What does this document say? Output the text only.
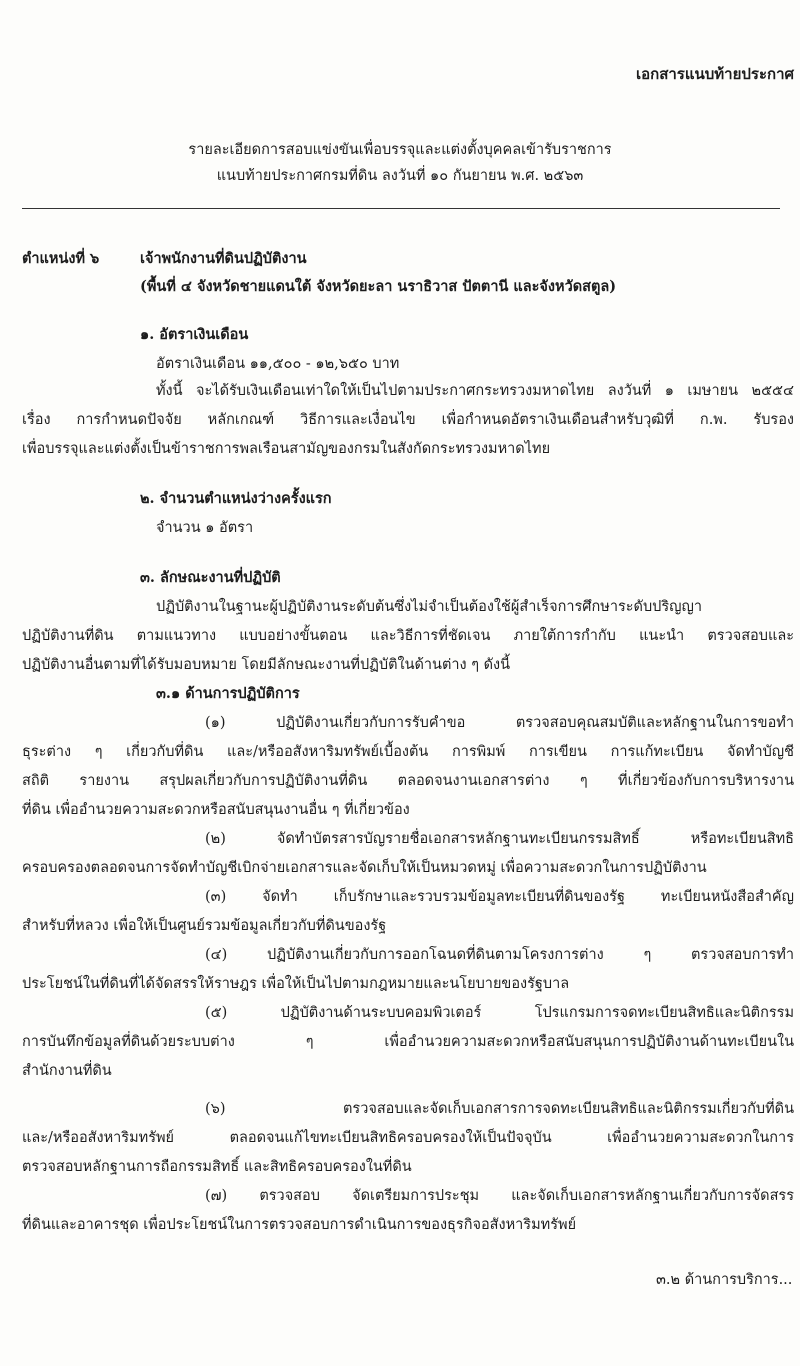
เอกสารแนบท้ายประกาศ
รายละเอียดการสอบแข่งขันเพื่อบรรจุและแต่งตั้งบุคคลเข้ารับราชการ
แนบท้ายประกาศกรมที่ดิน ลงวันที่ ๑๐ กันยายน พ.ศ. ๒๕๖๓
ตำแหน่งที่ ๖	เจ้าพนักงานที่ดินปฏิบัติงาน
(พื้นที่ ๔ จังหวัดชายแดนใต้ จังหวัดยะลา นราธิวาส ปัตตานี และจังหวัดสตูล)
๑. อัตราเงินเดือน
อัตราเงินเดือน ๑๑,๕๐๐ - ๑๒,๖๕๐ บาท
ทั้งนี้ จะได้รับเงินเดือนเท่าใดให้เป็นไปตามประกาศกระทรวงมหาดไทย ลงวันที่ ๑ เมษายน ๒๕๕๔
เรื่อง การกำหนดปัจจัย หลักเกณฑ์ วิธีการและเงื่อนไข เพื่อกำหนดอัตราเงินเดือนสำหรับวุฒิที่ ก.พ. รับรอง
เพื่อบรรจุและแต่งตั้งเป็นข้าราชการพลเรือนสามัญของกรมในสังกัดกระทรวงมหาดไทย
๒. จำนวนตำแหน่งว่างครั้งแรก
จำนวน ๑ อัตรา
๓. ลักษณะงานที่ปฏิบัติ
ปฏิบัติงานในฐานะผู้ปฏิบัติงานระดับต้นซึ่งไม่จำเป็นต้องใช้ผู้สำเร็จการศึกษาระดับปริญญา
ปฏิบัติงานที่ดิน ตามแนวทาง แบบอย่างขั้นตอน และวิธีการที่ชัดเจน ภายใต้การกำกับ แนะนำ ตรวจสอบและ
ปฏิบัติงานอื่นตามที่ได้รับมอบหมาย โดยมีลักษณะงานที่ปฏิบัติในด้านต่าง ๆ ดังนี้
๓.๑ ด้านการปฏิบัติการ
(๑) ปฏิบัติงานเกี่ยวกับการรับคำขอ ตรวจสอบคุณสมบัติและหลักฐานในการขอทำ
ธุระต่าง ๆ เกี่ยวกับที่ดิน และ/หรืออสังหาริมทรัพย์เบื้องต้น การพิมพ์ การเขียน การแก้ทะเบียน จัดทำบัญชี
สถิติ รายงาน สรุปผลเกี่ยวกับการปฏิบัติงานที่ดิน ตลอดจนงานเอกสารต่าง ๆ ที่เกี่ยวข้องกับการบริหารงาน
ที่ดิน เพื่ออำนวยความสะดวกหรือสนับสนุนงานอื่น ๆ ที่เกี่ยวข้อง
(๒) จัดทำบัตรสารบัญรายชื่อเอกสารหลักฐานทะเบียนกรรมสิทธิ์ หรือทะเบียนสิทธิ
ครอบครองตลอดจนการจัดทำบัญชีเบิกจ่ายเอกสารและจัดเก็บให้เป็นหมวดหมู่ เพื่อความสะดวกในการปฏิบัติงาน
(๓) จัดทำ เก็บรักษาและรวบรวมข้อมูลทะเบียนที่ดินของรัฐ ทะเบียนหนังสือสำคัญ
สำหรับที่หลวง เพื่อให้เป็นศูนย์รวมข้อมูลเกี่ยวกับที่ดินของรัฐ
(๔) ปฏิบัติงานเกี่ยวกับการออกโฉนดที่ดินตามโครงการต่าง ๆ ตรวจสอบการทำ
ประโยชน์ในที่ดินที่ได้จัดสรรให้ราษฎร เพื่อให้เป็นไปตามกฎหมายและนโยบายของรัฐบาล
(๕) ปฏิบัติงานด้านระบบคอมพิวเตอร์ โปรแกรมการจดทะเบียนสิทธิและนิติกรรม
การบันทึกข้อมูลที่ดินด้วยระบบต่าง ๆ เพื่ออำนวยความสะดวกหรือสนับสนุนการปฏิบัติงานด้านทะเบียนใน
สำนักงานที่ดิน
(๖) ตรวจสอบและจัดเก็บเอกสารการจดทะเบียนสิทธิและนิติกรรมเกี่ยวกับที่ดิน
และ/หรืออสังหาริมทรัพย์ ตลอดจนแก้ไขทะเบียนสิทธิครอบครองให้เป็นปัจจุบัน เพื่ออำนวยความสะดวกในการ
ตรวจสอบหลักฐานการถือกรรมสิทธิ์ และสิทธิครอบครองในที่ดิน
(๗) ตรวจสอบ จัดเตรียมการประชุม และจัดเก็บเอกสารหลักฐานเกี่ยวกับการจัดสรร
ที่ดินและอาคารชุด เพื่อประโยชน์ในการตรวจสอบการดำเนินการของธุรกิจอสังหาริมทรัพย์
๓.๒ ด้านการบริการ...
